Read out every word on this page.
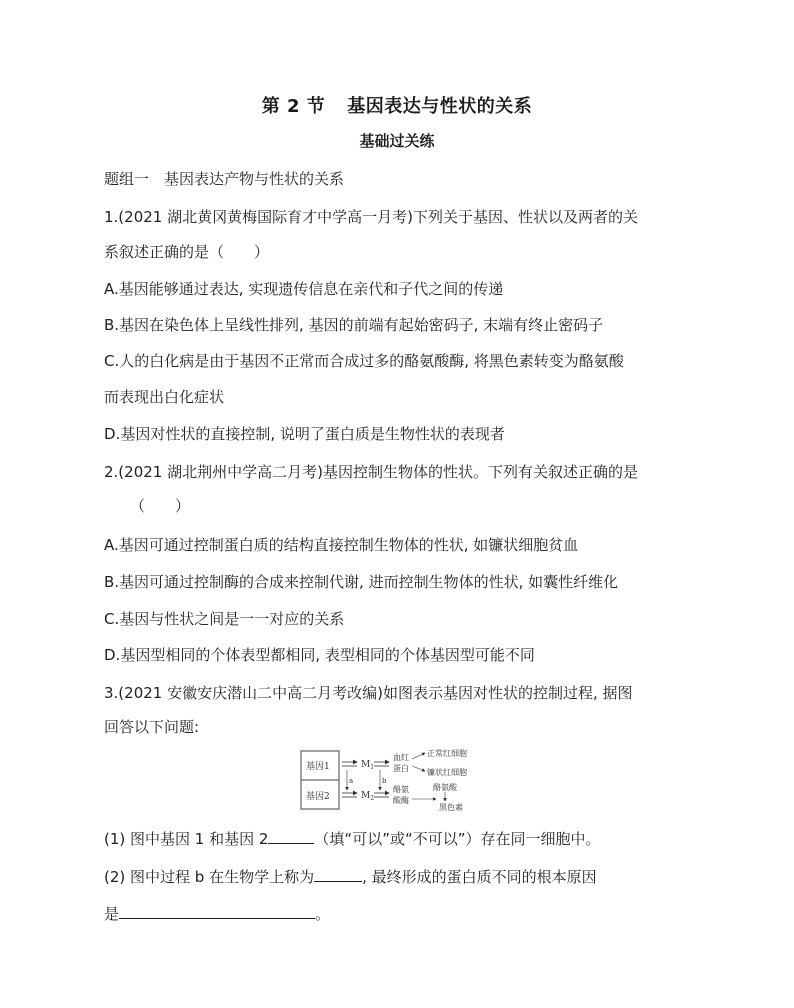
第 2 节 基因表达与性状的关系
基础过关练
题组一　基因表达产物与性状的关系
1.(2021 湖北黄冈黄梅国际育才中学高一月考)下列关于基因、性状以及两者的关
系叙述正确的是（　　）
A.基因能够通过表达, 实现遗传信息在亲代和子代之间的传递
B.基因在染色体上呈线性排列, 基因的前端有起始密码子, 末端有终止密码子
C.人的白化病是由于基因不正常而合成过多的酪氨酸酶, 将黑色素转变为酪氨酸
而表现出白化症状
D.基因对性状的直接控制, 说明了蛋白质是生物性状的表现者
2.(2021 湖北荆州中学高二月考)基因控制生物体的性状。下列有关叙述正确的是
（　　）
A.基因可通过控制蛋白质的结构直接控制生物体的性状, 如镰状细胞贫血
B.基因可通过控制酶的合成来控制代谢, 进而控制生物体的性状, 如囊性纤维化
C.基因与性状之间是一一对应的关系
D.基因型相同的个体表型都相同, 表型相同的个体基因型可能不同
3.(2021 安徽安庆潜山二中高二月考改编)如图表示基因对性状的控制过程, 据图
回答以下问题:
基因1
基因2
a
$M_1$
$M_2$
b
血红
蛋白
正常红细胞
镰状红细胞
酪氨
酸酶
酪氨酸
黑色素
(1) 图中基因 1 和基因 2	（填“可以”或“不可以”）存在同一细胞中。
(2) 图中过程 b 在生物学上称为	, 最终形成的蛋白质不同的根本原因
是	。
